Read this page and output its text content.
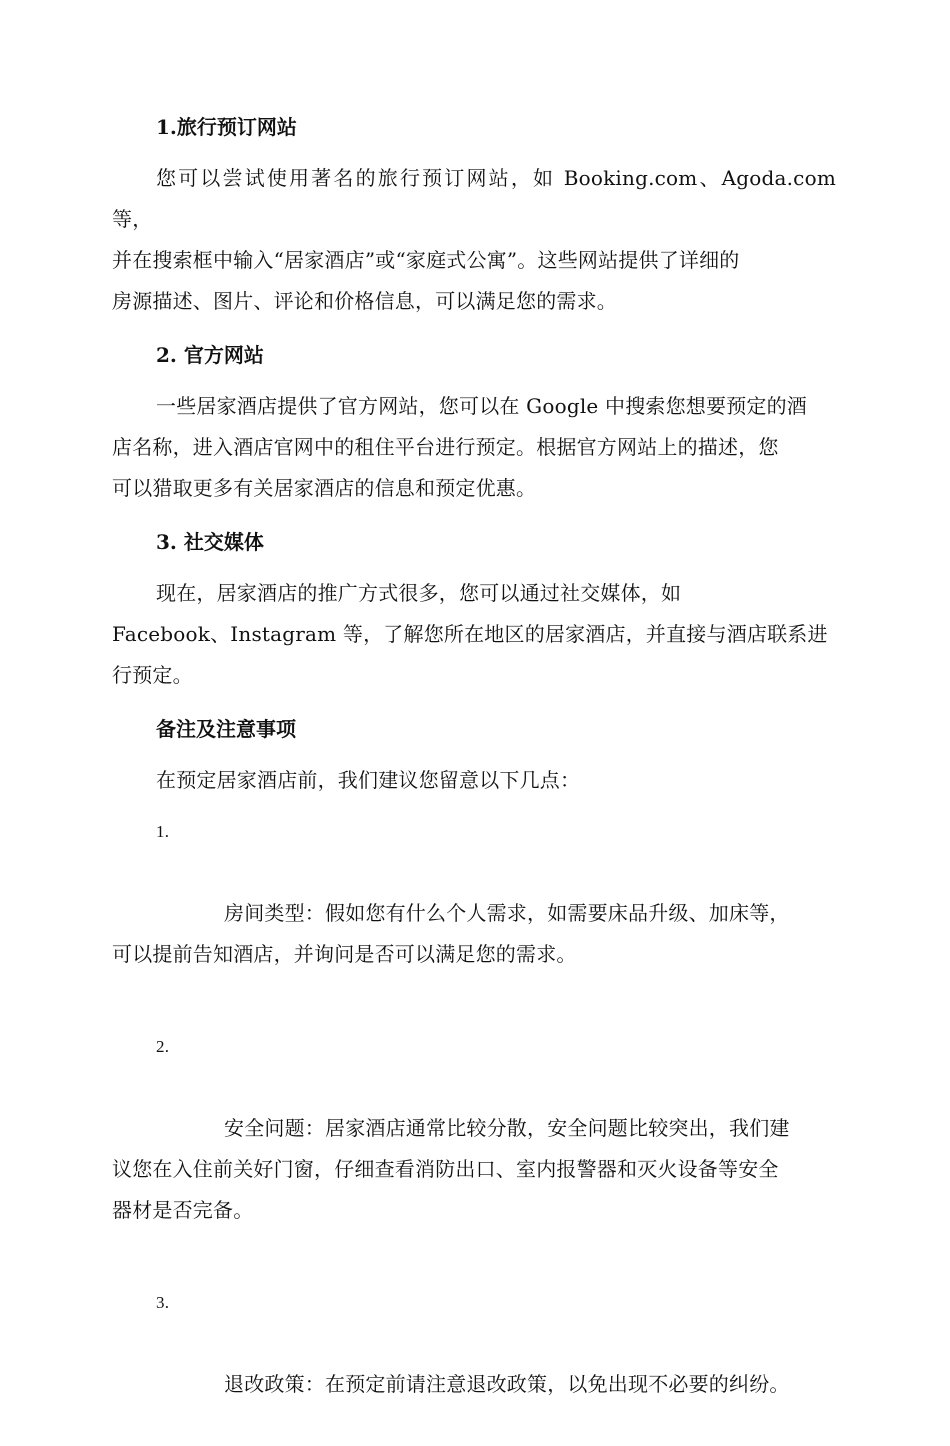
1.旅行预订网站

您可以尝试使用著名的旅行预订网站，如 Booking.com、Agoda.com 等，
并在搜索框中输入“居家酒店”或“家庭式公寓”。这些网站提供了详细的
房源描述、图片、评论和价格信息，可以满足您的需求。

2. 官方网站

一些居家酒店提供了官方网站，您可以在 Google 中搜索您想要预定的酒
店名称，进入酒店官网中的租住平台进行预定。根据官方网站上的描述，您
可以猎取更多有关居家酒店的信息和预定优惠。

3. 社交媒体

现在，居家酒店的推广方式很多，您可以通过社交媒体，如
Facebook、Instagram 等，了解您所在地区的居家酒店，并直接与酒店联系进
行预定。

备注及注意事项

在预定居家酒店前，我们建议您留意以下几点：

1.

房间类型：假如您有什么个人需求，如需要床品升级、加床等，
可以提前告知酒店，并询问是否可以满足您的需求。

2.

安全问题：居家酒店通常比较分散，安全问题比较突出，我们建
议您在入住前关好门窗，仔细查看消防出口、室内报警器和灭火设备等安全
器材是否完备。

3.

退改政策：在预定前请注意退改政策，以免出现不必要的纠纷。
